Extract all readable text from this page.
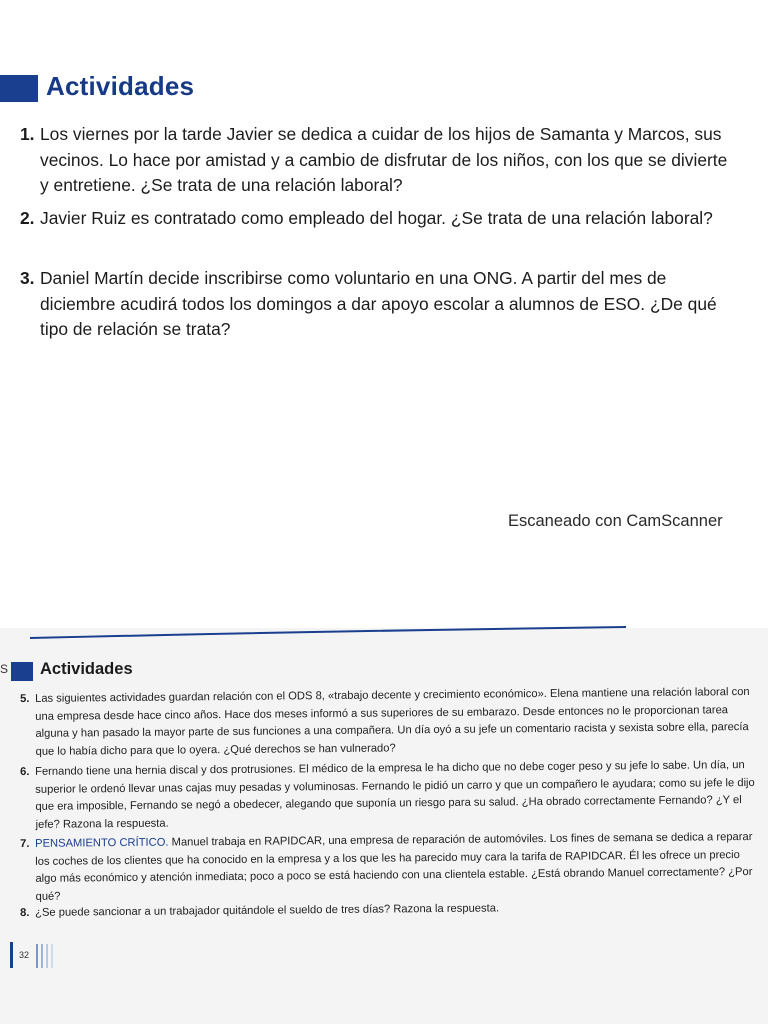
Actividades
1. Los viernes por la tarde Javier se dedica a cuidar de los hijos de Samanta y Marcos, sus vecinos. Lo hace por amistad y a cambio de disfrutar de los niños, con los que se divierte y entretiene. ¿Se trata de una relación laboral?
2. Javier Ruiz es contratado como empleado del hogar. ¿Se trata de una relación laboral?
3. Daniel Martín decide inscribirse como voluntario en una ONG. A partir del mes de diciembre acudirá todos los domingos a dar apoyo escolar a alumnos de ESO. ¿De qué tipo de relación se trata?
Escaneado con CamScanner
S Actividades
5. Las siguientes actividades guardan relación con el ODS 8, «trabajo decente y crecimiento económico». Elena mantiene una relación laboral con una empresa desde hace cinco años. Hace dos meses informó a sus superiores de su embarazo. Desde entonces no le proporcionan tarea alguna y han pasado la mayor parte de sus funciones a una compañera. Un día oyó a su jefe un comentario racista y sexista sobre ella, parecía que lo había dicho para que lo oyera. ¿Qué derechos se han vulnerado?
6. Fernando tiene una hernia discal y dos protrusiones. El médico de la empresa le ha dicho que no debe coger peso y su jefe lo sabe. Un día, un superior le ordenó llevar unas cajas muy pesadas y voluminosas. Fernando le pidió un carro y que un compañero le ayudara; como su jefe le dijo que era imposible, Fernando se negó a obedecer, alegando que suponía un riesgo para su salud. ¿Ha obrado correctamente Fernando? ¿Y el jefe? Razona la respuesta.
7. PENSAMIENTO CRÍTICO. Manuel trabaja en RAPIDCAR, una empresa de reparación de automóviles. Los fines de semana se dedica a reparar los coches de los clientes que ha conocido en la empresa y a los que les ha parecido muy cara la tarifa de RAPIDCAR. Él les ofrece un precio algo más económico y atención inmediata; poco a poco se está haciendo con una clientela estable. ¿Está obrando Manuel correctamente? ¿Por qué?
8. ¿Se puede sancionar a un trabajador quitándole el sueldo de tres días? Razona la respuesta.
32
